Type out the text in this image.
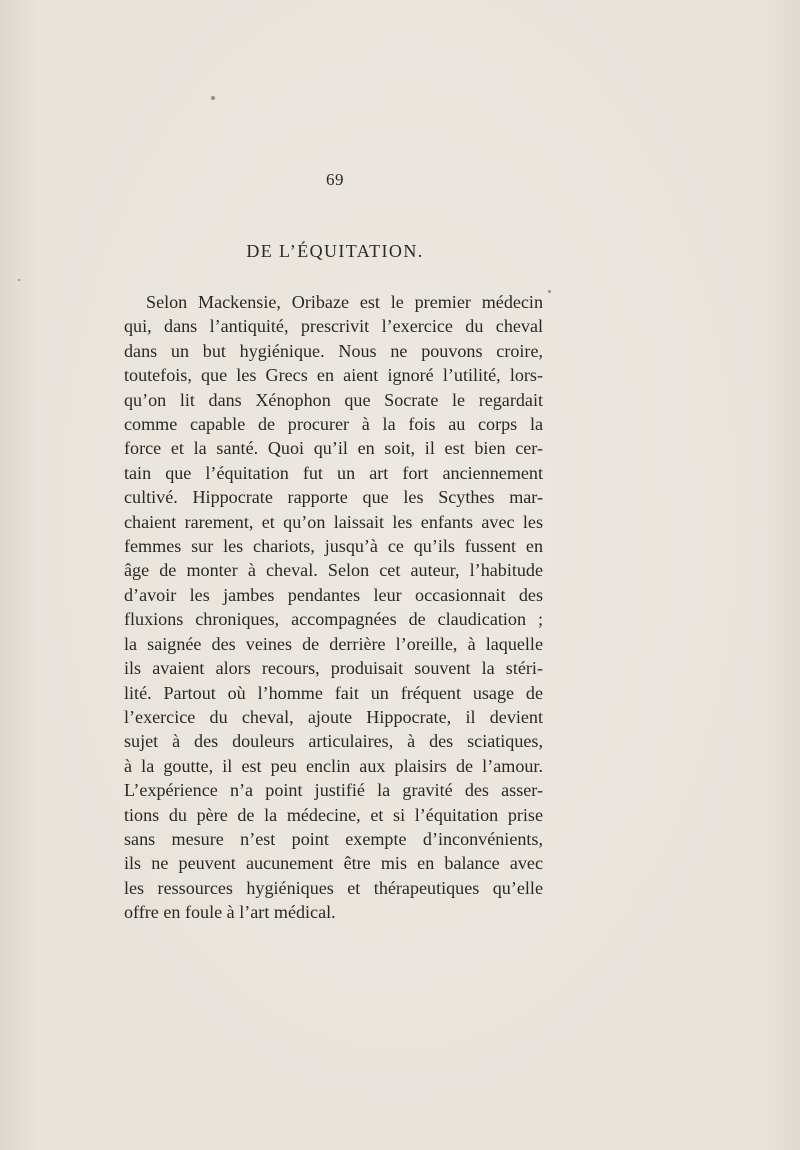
69
DE L’ÉQUITATION.
Selon Mackensie, Oribaze est le premier médecin
qui, dans l’antiquité, prescrivit l’exercice du cheval
dans un but hygiénique. Nous ne pouvons croire,
toutefois, que les Grecs en aient ignoré l’utilité, lors-
qu’on lit dans Xénophon que Socrate le regardait
comme capable de procurer à la fois au corps la
force et la santé. Quoi qu’il en soit, il est bien cer-
tain que l’équitation fut un art fort anciennement
cultivé. Hippocrate rapporte que les Scythes mar-
chaient rarement, et qu’on laissait les enfants avec les
femmes sur les chariots, jusqu’à ce qu’ils fussent en
âge de monter à cheval. Selon cet auteur, l’habitude
d’avoir les jambes pendantes leur occasionnait des
fluxions chroniques, accompagnées de claudication ;
la saignée des veines de derrière l’oreille, à laquelle
ils avaient alors recours, produisait souvent la stéri-
lité. Partout où l’homme fait un fréquent usage de
l’exercice du cheval, ajoute Hippocrate, il devient
sujet à des douleurs articulaires, à des sciatiques,
à la goutte, il est peu enclin aux plaisirs de l’amour.
L’expérience n’a point justifié la gravité des asser-
tions du père de la médecine, et si l’équitation prise
sans mesure n’est point exempte d’inconvénients,
ils ne peuvent aucunement être mis en balance avec
les ressources hygiéniques et thérapeutiques qu’elle
offre en foule à l’art médical.
